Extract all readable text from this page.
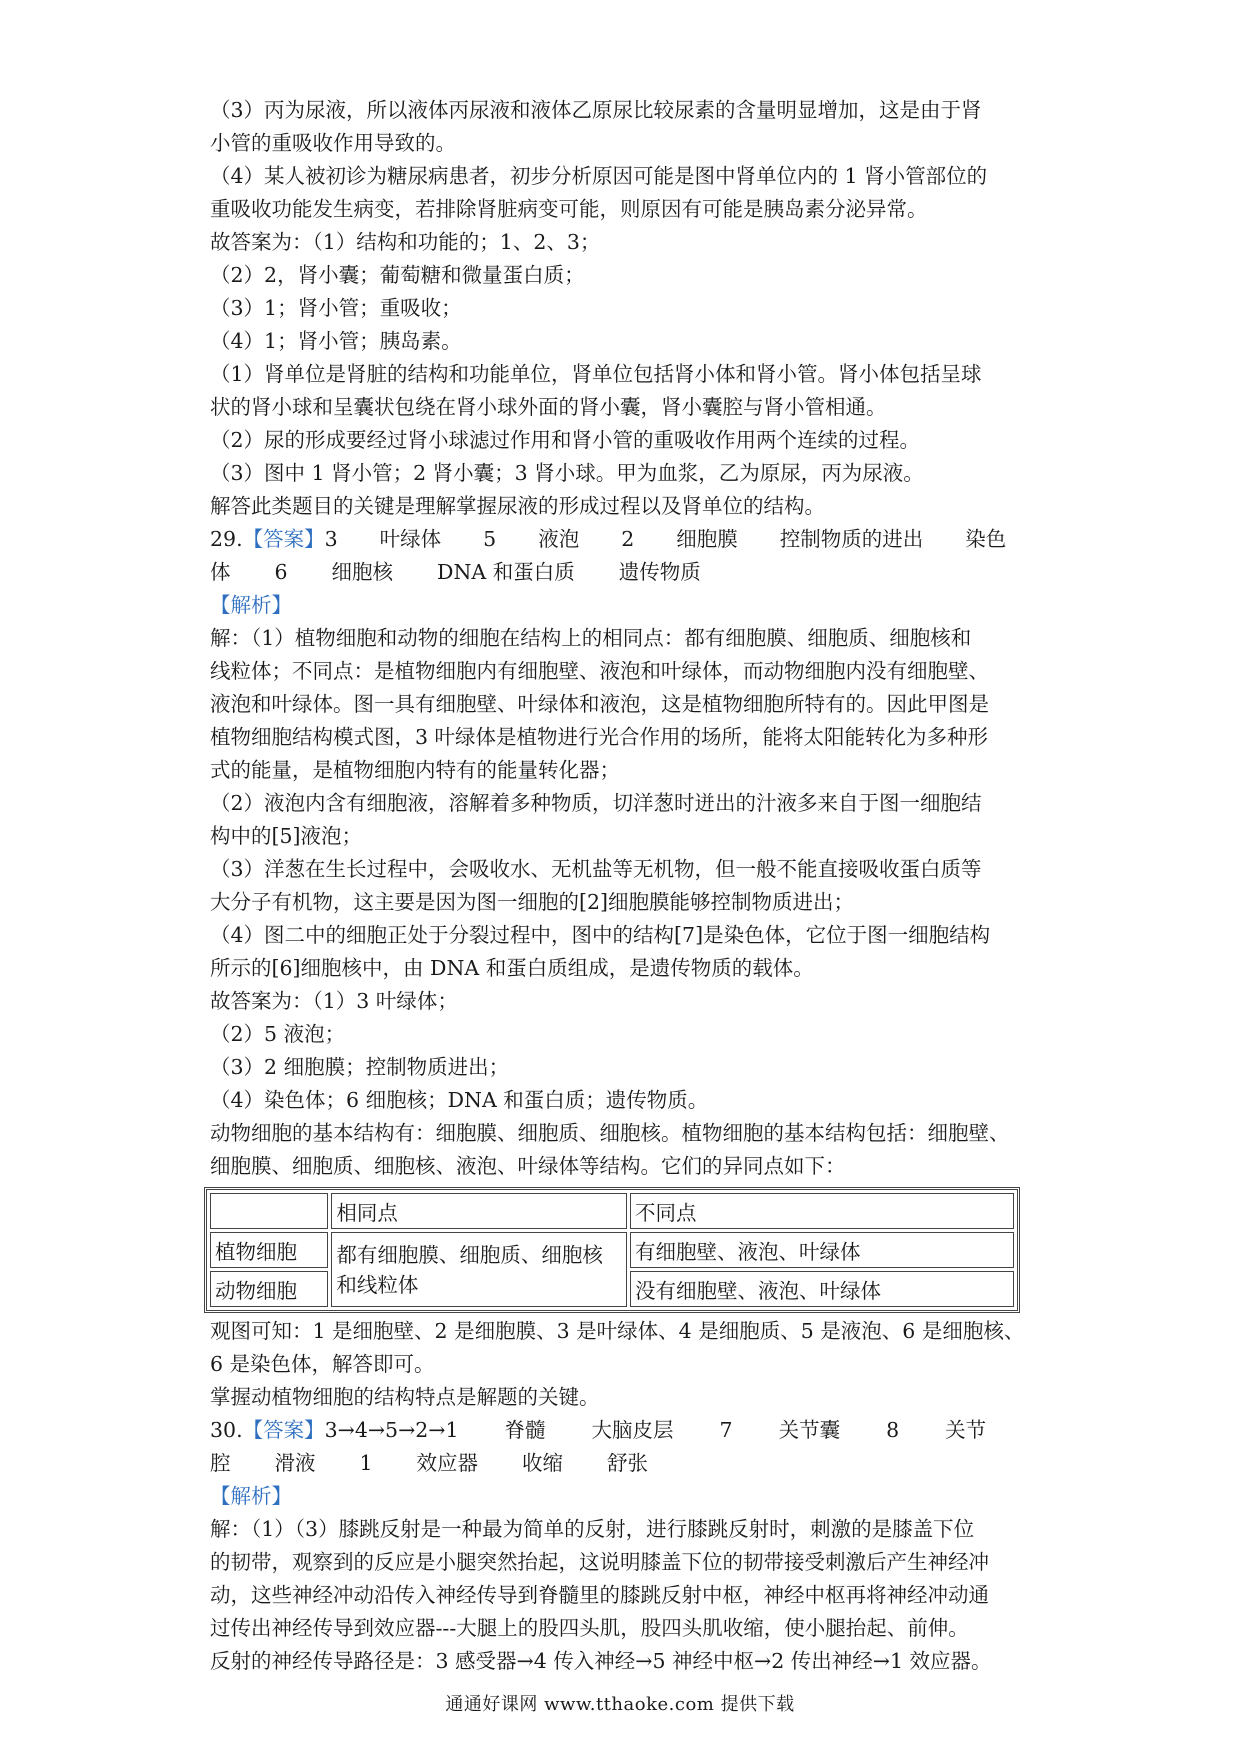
（3）丙为尿液，所以液体丙尿液和液体乙原尿比较尿素的含量明显增加，这是由于肾
小管的重吸收作用导致的。
（4）某人被初诊为糖尿病患者，初步分析原因可能是图中肾单位内的 1 肾小管部位的
重吸收功能发生病变，若排除肾脏病变可能，则原因有可能是胰岛素分泌异常。
故答案为：（1）结构和功能的；1、2、3；
（2）2，肾小囊；葡萄糖和微量蛋白质；
（3）1；肾小管；重吸收；
（4）1；肾小管；胰岛素。
（1）肾单位是肾脏的结构和功能单位，肾单位包括肾小体和肾小管。肾小体包括呈球
状的肾小球和呈囊状包绕在肾小球外面的肾小囊，肾小囊腔与肾小管相通。
（2）尿的形成要经过肾小球滤过作用和肾小管的重吸收作用两个连续的过程。
（3）图中 1 肾小管；2 肾小囊；3 肾小球。甲为血浆，乙为原尿，丙为尿液。
解答此类题目的关键是理解掌握尿液的形成过程以及肾单位的结构。
29.【答案】3 叶绿体 5 液泡 2 细胞膜 控制物质的进出 染色
体 6 细胞核 DNA 和蛋白质 遗传物质
【解析】
解：（1）植物细胞和动物的细胞在结构上的相同点：都有细胞膜、细胞质、细胞核和
线粒体；不同点：是植物细胞内有细胞壁、液泡和叶绿体，而动物细胞内没有细胞壁、
液泡和叶绿体。图一具有细胞壁、叶绿体和液泡，这是植物细胞所特有的。因此甲图是
植物细胞结构模式图，3 叶绿体是植物进行光合作用的场所，能将太阳能转化为多种形
式的能量，是植物细胞内特有的能量转化器；
（2）液泡内含有细胞液，溶解着多种物质，切洋葱时迸出的汁液多来自于图一细胞结
构中的[5]液泡；
（3）洋葱在生长过程中，会吸收水、无机盐等无机物，但一般不能直接吸收蛋白质等
大分子有机物，这主要是因为图一细胞的[2]细胞膜能够控制物质进出；
（4）图二中的细胞正处于分裂过程中，图中的结构[7]是染色体，它位于图一细胞结构
所示的[6]细胞核中，由 DNA 和蛋白质组成，是遗传物质的载体。
故答案为：（1）3 叶绿体；
（2）5 液泡；
（3）2 细胞膜；控制物质进出；
（4）染色体；6 细胞核；DNA 和蛋白质；遗传物质。
动物细胞的基本结构有：细胞膜、细胞质、细胞核。植物细胞的基本结构包括：细胞壁、
细胞膜、细胞质、细胞核、液泡、叶绿体等结构。它们的异同点如下：
	相同点	不同点
植物细胞	都有细胞膜、细胞质、细胞核和线粒体	有细胞壁、液泡、叶绿体
动物细胞		没有细胞壁、液泡、叶绿体
观图可知：1 是细胞壁、2 是细胞膜、3 是叶绿体、4 是细胞质、5 是液泡、6 是细胞核、
6 是染色体，解答即可。
掌握动植物细胞的结构特点是解题的关键。
30.【答案】3→4→5→2→1 脊髓 大脑皮层 7 关节囊 8 关节
腔 滑液 1 效应器 收缩 舒张
【解析】
解：（1）（3）膝跳反射是一种最为简单的反射，进行膝跳反射时，刺激的是膝盖下位
的韧带，观察到的反应是小腿突然抬起，这说明膝盖下位的韧带接受刺激后产生神经冲
动，这些神经冲动沿传入神经传导到脊髓里的膝跳反射中枢，神经中枢再将神经冲动通
过传出神经传导到效应器---大腿上的股四头肌，股四头肌收缩，使小腿抬起、前伸。
反射的神经传导路径是：3 感受器→4 传入神经→5 神经中枢→2 传出神经→1 效应器。
通通好课网 www.tthaoke.com 提供下载
